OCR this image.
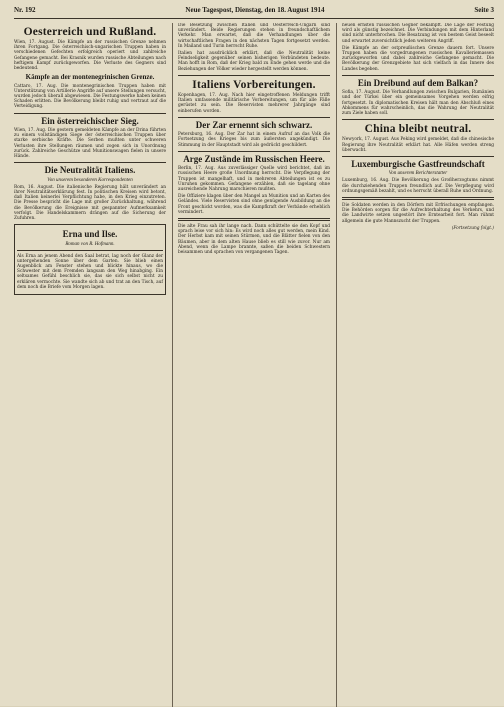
Nr. 192	Neue Tagespost, Dienstag, den 18. August 1914	Seite 3
Oesterreich und Rußland.

Wien, 17. August. Die Kämpfe an der russischen Grenze nehmen ihren Fortgang. Die österreichisch-ungarischen Truppen haben in verschiedenen Gefechten erfolgreich operiert und zahlreiche Gefangene gemacht. Bei Krasnik wurden russische Abteilungen nach heftigem Kampf zurückgeworfen. Die Verluste des Gegners sind bedeutend.

Kämpfe an der montenegrinischen Grenze.

Cattaro, 17. Aug. Die montenegrinischen Truppen haben mit Unterstützung von Artillerie Angriffe auf unsere Stellungen versucht, wurden jedoch überall abgewiesen. Die Festungswerke haben keinen Schaden erlitten. Die Bevölkerung bleibt ruhig und vertraut auf die Verteidigung.

Ein österreichischer Sieg.

Wien, 17. Aug. Die gestern gemeldeten Kämpfe an der Drina führten zu einem vollständigen Siege der österreichischen Truppen über starke serbische Kräfte. Die Serben mußten unter schweren Verlusten ihre Stellungen räumen und zogen sich in Unordnung zurück. Zahlreiche Geschütze und Munitionswagen fielen in unsere Hände.

Die Neutralität Italiens.
Von unserem besonderen Korrespondenten

Rom, 16. August. Die italienische Regierung hält unverändert an ihrer Neutralitätserklärung fest. In politischen Kreisen wird betont, daß Italien keinerlei Verpflichtung habe, in den Krieg einzutreten. Die Presse bespricht die Lage mit großer Zurückhaltung, während die Bevölkerung die Ereignisse mit gespannter Aufmerksamkeit verfolgt. Die Handelskammern drängen auf die Sicherung der Zufuhren.

Erna und Ilse.
Roman von R. Hofmann.

Als Erna an jenem Abend den Saal betrat, lag noch der Glanz der untergehenden Sonne über dem Garten. Sie blieb einen Augenblick am Fenster stehen und blickte hinaus, wo die Schwester mit dem Fremden langsam den Weg hinabging. Ein seltsames Gefühl beschlich sie, das sie sich selbst nicht zu erklären vermochte. Sie wandte sich ab und trat an den Tisch, auf dem noch die Briefe vom Morgen lagen.

Die Besetzung zwischen Italien und Oesterreich-Ungarn sind unverändert. Beide Regierungen stehen in freundschaftlichem Verkehr. Man erwartet, daß die Verhandlungen über die wirtschaftlichen Fragen in den nächsten Tagen fortgesetzt werden. In Mailand und Turin herrscht Ruhe.

Italien hat ausdrücklich erklärt, daß die Neutralität keine Feindseligkeit gegenüber seinen bisherigen Verbündeten bedeute. Man hofft in Rom, daß der Krieg bald zu Ende gehen werde und die Beziehungen der Völker wieder hergestellt werden können.

Italiens Vorbereitungen.

Kopenhagen, 17. Aug. Nach hier eingetroffenen Meldungen trifft Italien umfassende militärische Vorbereitungen, um für alle Fälle gerüstet zu sein. Die Reservisten mehrerer Jahrgänge sind einberufen worden.

Der Zar ernennt sich schwarz.

Petersburg, 16. Aug. Der Zar hat in einem Aufruf an das Volk die Fortsetzung des Krieges bis zum äußersten angekündigt. Die Stimmung in der Hauptstadt wird als gedrückt geschildert.

Arge Zustände im Russischen Heere.

Berlin, 17. Aug. Aus zuverlässiger Quelle wird berichtet, daß im russischen Heere große Unordnung herrscht. Die Verpflegung der Truppen ist mangelhaft, und in mehreren Abteilungen ist es zu Unruhen gekommen. Gefangene erzählen, daß sie tagelang ohne ausreichende Nahrung marschieren mußten.

Die Offiziere klagen über den Mangel an Munition und an Karten des Geländes. Viele Reservisten sind ohne genügende Ausbildung an die Front geschickt worden, was die Kampfkraft der Verbände erheblich vermindert.

Die alte Frau sah ihr lange nach. Dann schüttelte sie den Kopf und sprach leise vor sich hin: Es wird noch alles gut werden, mein Kind. Der Herbst kam mit seinen Stürmen, und die Blätter fielen von den Bäumen, aber in dem alten Hause blieb es still wie zuvor. Nur am Abend, wenn die Lampe brannte, saßen die beiden Schwestern beisammen und sprachen von vergangenen Tagen.

neuen ernsten russischen Gegner bekämpft. Die Lage der Festung wird als günstig bezeichnet. Die Verbindungen mit dem Hinterland sind nicht unterbrochen. Die Besatzung ist von bestem Geist beseelt und erwartet zuversichtlich jeden weiteren Angriff.

Die Kämpfe an der ostpreußischen Grenze dauern fort. Unsere Truppen haben die vorgedrungenen russischen Kavalleriemassen zurückgeworfen und dabei zahlreiche Gefangene gemacht. Die Bevölkerung der Grenzgebiete hat sich vielfach in das Innere des Landes begeben.

Ein Dreibund auf dem Balkan?

Sofia, 17. August. Die Verhandlungen zwischen Bulgarien, Rumänien und der Türkei über ein gemeinsames Vorgehen werden eifrig fortgesetzt. In diplomatischen Kreisen hält man den Abschluß eines Abkommens für wahrscheinlich, das die Wahrung der Neutralität zum Ziele haben soll.

China bleibt neutral.

Newyork, 17. August. Aus Peking wird gemeldet, daß die chinesische Regierung ihre Neutralität erklärt hat. Alle Häfen werden streng überwacht.

Luxemburgische Gastfreundschaft
Von unserem Berichterstatter

Luxemburg, 16. Aug. Die Bevölkerung des Großherzogtums nimmt die durchziehenden Truppen freundlich auf. Die Verpflegung wird ordnungsgemäß bezahlt, und es herrscht überall Ruhe und Ordnung.

Die Soldaten werden in den Dörfern mit Erfrischungen empfangen. Die Behörden sorgen für die Aufrechterhaltung des Verkehrs, und die Landwirte setzen ungestört ihre Erntearbeit fort. Man rühmt allgemein die gute Mannszucht der Truppen.

(Fortsetzung folgt.)
